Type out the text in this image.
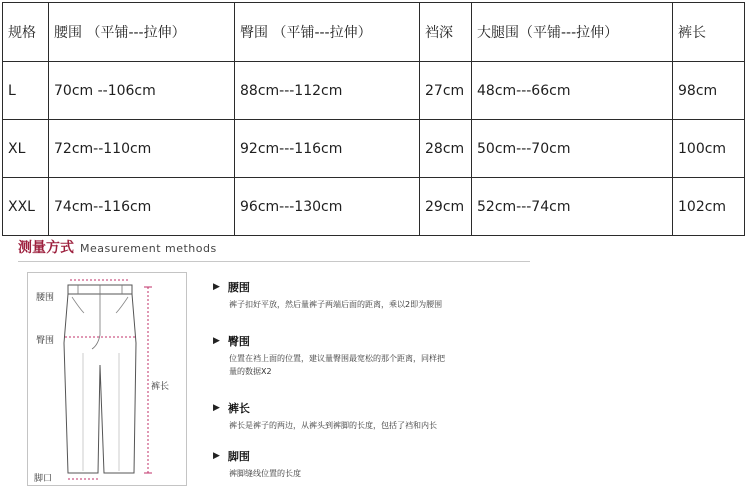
规格	腰围 （平铺---拉伸）	臀围 （平铺---拉伸）	裆深	大腿围（平铺---拉伸）	裤长
L	70cm --106cm	88cm---112cm	27cm	48cm---66cm	98cm
XL	72cm--110cm	92cm---116cm	28cm	50cm---70cm	100cm
XXL	74cm--116cm	96cm---130cm	29cm	52cm---74cm	102cm
测量方式 Measurement methods
腰围
臀围
裤长
脚口
▶ 腰围
裤子扣好平放，然后量裤子两端后面的距离，乘以2即为腰围
▶ 臀围
位置在裆上面的位置，建议量臀围最宽松的那个距离，同样把
量的数据X2
▶ 裤长
裤长是裤子的两边，从裤头到裤脚的长度，包括了裆和内长
▶ 脚围
裤脚缝线位置的长度
